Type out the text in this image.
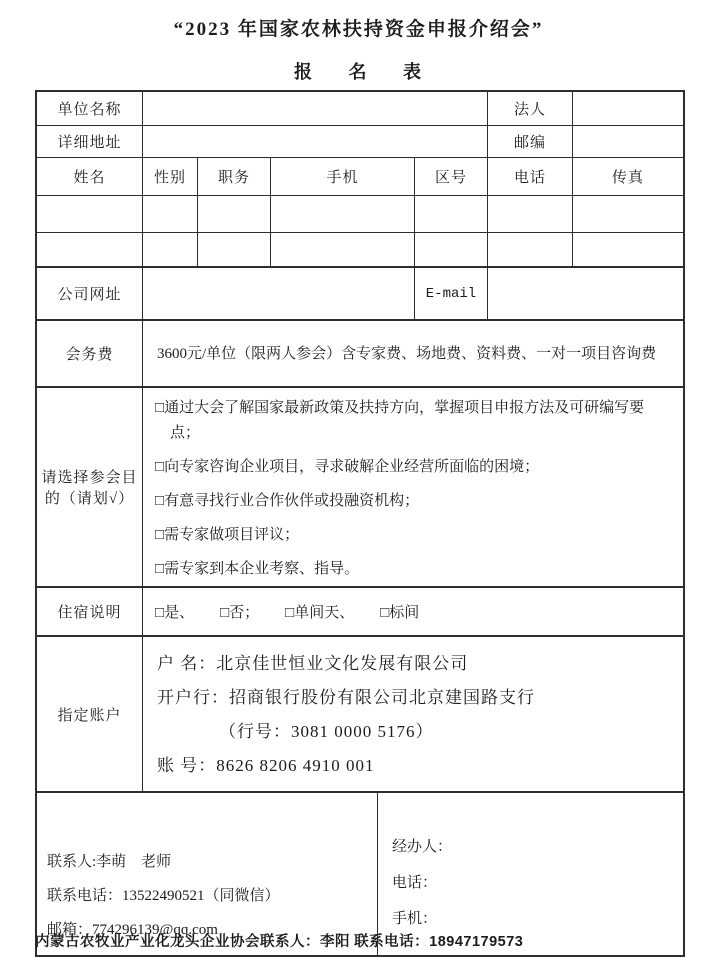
“2023 年国家农林扶持资金申报介绍会”
报 名 表
单位名称	法人
详细地址	邮编
姓名	性别	职务	手机	区号	电话	传真
公司网址	E-mail
会务费	3600元/单位（限两人参会）含专家费、场地费、资料费、一对一项目咨询费
请选择参会目的（请划√）
□通过大会了解国家最新政策及扶持方向，掌握项目申报方法及可研编写要点；
□向专家咨询企业项目，寻求破解企业经营所面临的困境；
□有意寻找行业合作伙伴或投融资机构；
□需专家做项目评议；
□需专家到本企业考察、指导。
住宿说明	□是、 □否； □单间天、 □标间
指定账户
户 名：北京佳世恒业文化发展有限公司
开户行：招商银行股份有限公司北京建国路支行
（行号：3081 0000 5176）
账 号：8626 8206 4910 001
联系人:李萌　老师
联系电话：13522490521（同微信）
邮箱：774296139@qq.com
经办人：
电话：
手机：
内蒙古农牧业产业化龙头企业协会联系人：李阳 联系电话：18947179573
